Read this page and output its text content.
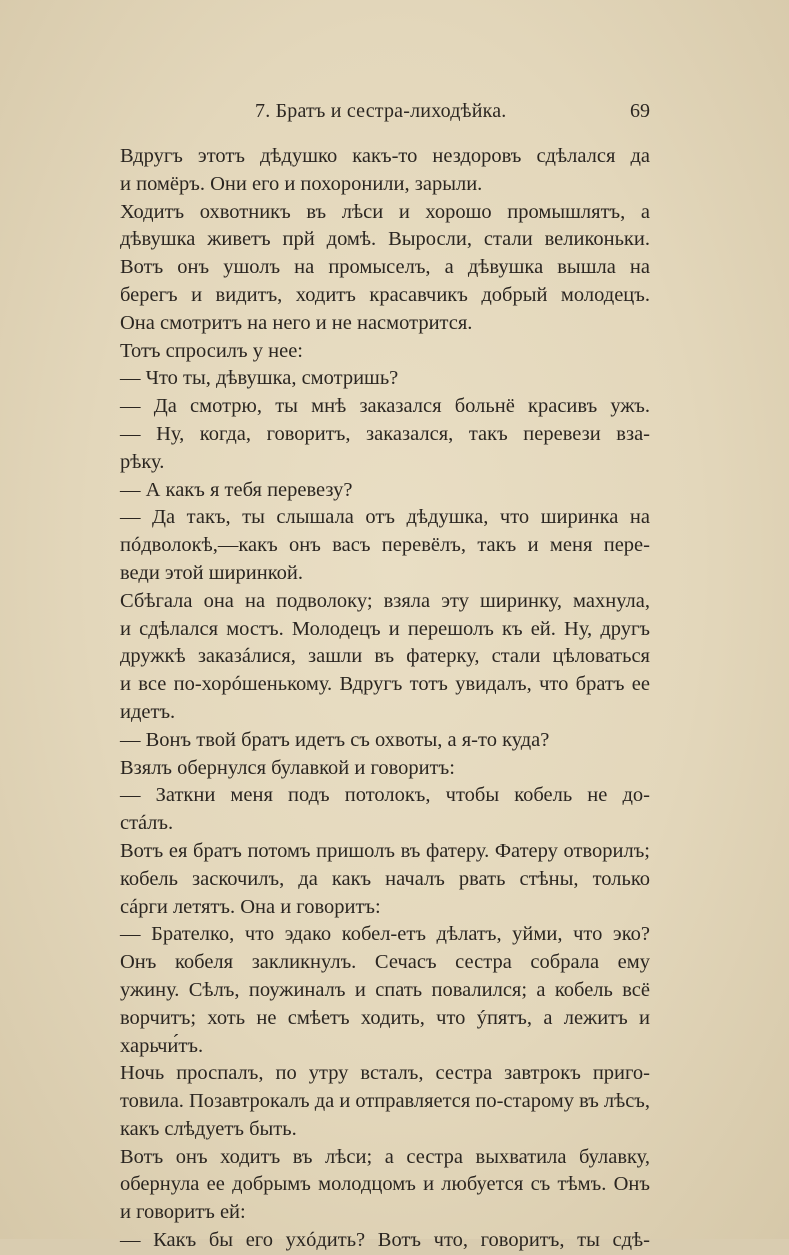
7. Братъ и сестра-лиходѣйка.	69
Вдругъ этотъ дѣдушко какъ-то нездоровъ сдѣлался да
и помёръ. Они его и похоронили, зарыли.
Ходитъ охвотникъ въ лѣси и хорошо промышлятъ, а
дѣвушка живетъ прй домѣ. Выросли, стали великоньки.
Вотъ онъ ушолъ на промыселъ, а дѣвушка вышла на
берегъ и видитъ, ходитъ красавчикъ добрый молодецъ.
Она смотритъ на него и не насмотрится.
Тотъ спросилъ у нее:
— Что ты, дѣвушка, смотришь?
— Да смотрю, ты мнѣ заказался больнё красивъ ужъ.
— Ну, когда, говоритъ, заказался, такъ перевези вза-
рѣку.
— А какъ я тебя перевезу?
— Да такъ, ты слышала отъ дѣдушка, что ширинка на
пóдволокѣ,—какъ онъ васъ перевёлъ, такъ и меня пере-
веди этой ширинкой.
Сбѣгала она на подволоку; взяла эту ширинку, махнула,
и сдѣлался мостъ. Молодецъ и перешолъ къ ей. Ну, другъ
дружкѣ заказáлися, зашли въ фатерку, стали цѣловаться
и все по-хорóшенькому. Вдругъ тотъ увидалъ, что братъ ее
идетъ.
— Вонъ твой братъ идетъ съ охвоты, а я-то куда?
Взялъ обернулся булавкой и говоритъ:
— Заткни меня подъ потолокъ, чтобы кобель не до-
стáлъ.
Вотъ ея братъ потомъ пришолъ въ фатеру. Фатеру отворилъ;
кобель заскочилъ, да какъ началъ рвать стѣны, только
сáрги летятъ. Она и говоритъ:
— Брателко, что эдако кобел-етъ дѣлатъ, уйми, что эко?
Онъ кобеля закликнулъ. Сечасъ сестра собрала ему
ужину. Сѣлъ, поужиналъ и спать повалился; а кобель всё
ворчитъ; хоть не смѣетъ ходить, что ýпятъ, а лежитъ и
харьчи́тъ.
Ночь проспалъ, по утру всталъ, сестра завтрокъ приго-
товила. Позавтрокалъ да и отправляется по-старому въ лѣсъ,
какъ слѣдуетъ быть.
Вотъ онъ ходитъ въ лѣси; а сестра выхватила булавку,
обернула ее добрымъ молодцомъ и любуется съ тѣмъ. Онъ
и говоритъ ей:
— Какъ бы его ухóдить? Вотъ что, говоритъ, ты сдѣ-
